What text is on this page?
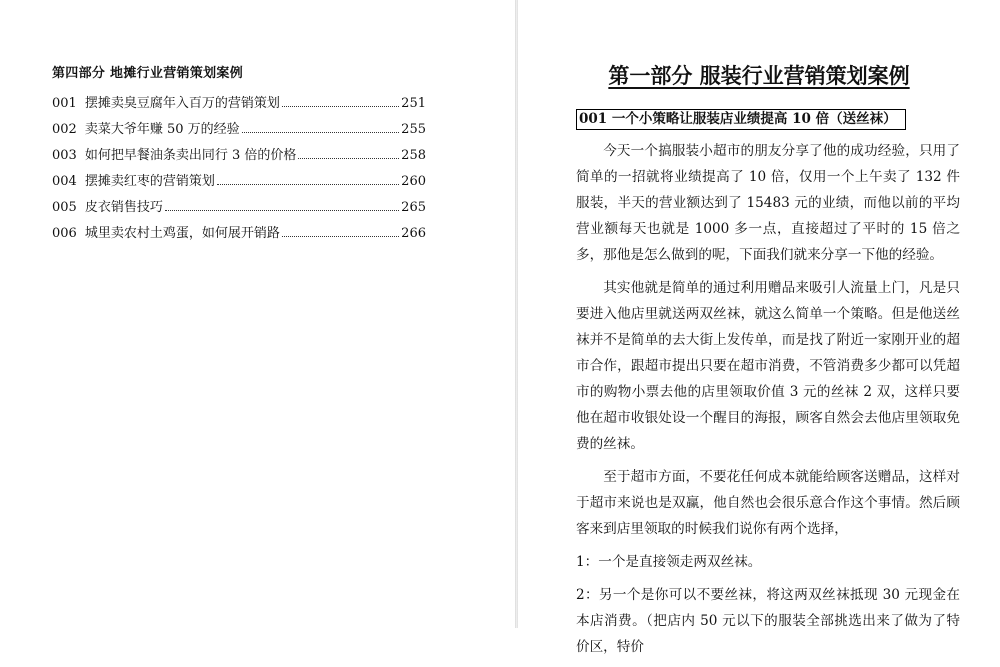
第四部分 地摊行业营销策划案例
001 摆摊卖臭豆腐年入百万的营销策划	251
002 卖菜大爷年赚 50 万的经验	255
003 如何把早餐油条卖出同行 3 倍的价格	258
004 摆摊卖红枣的营销策划	260
005 皮衣销售技巧	265
006 城里卖农村土鸡蛋，如何展开销路	266
第一部分 服装行业营销策划案例
001 一个小策略让服装店业绩提高 10 倍（送丝袜）

今天一个搞服装小超市的朋友分享了他的成功经验，只用了简单的一招就将业绩提高了 10 倍，仅用一个上午卖了 132 件服装，半天的营业额达到了 15483 元的业绩，而他以前的平均营业额每天也就是 1000 多一点，直接超过了平时的 15 倍之多，那他是怎么做到的呢，下面我们就来分享一下他的经验。

其实他就是简单的通过利用赠品来吸引人流量上门，凡是只要进入他店里就送两双丝袜，就这么简单一个策略。但是他送丝袜并不是简单的去大街上发传单，而是找了附近一家刚开业的超市合作，跟超市提出只要在超市消费，不管消费多少都可以凭超市的购物小票去他的店里领取价值 3 元的丝袜 2 双，这样只要他在超市收银处设一个醒目的海报，顾客自然会去他店里领取免费的丝袜。

至于超市方面，不要花任何成本就能给顾客送赠品，这样对于超市来说也是双赢，他自然也会很乐意合作这个事情。然后顾客来到店里领取的时候我们说你有两个选择，

1：一个是直接领走两双丝袜。

2：另一个是你可以不要丝袜，将这两双丝袜抵现 30 元现金在本店消费。（把店内 50 元以下的服装全部挑选出来了做为了特价区，特价
